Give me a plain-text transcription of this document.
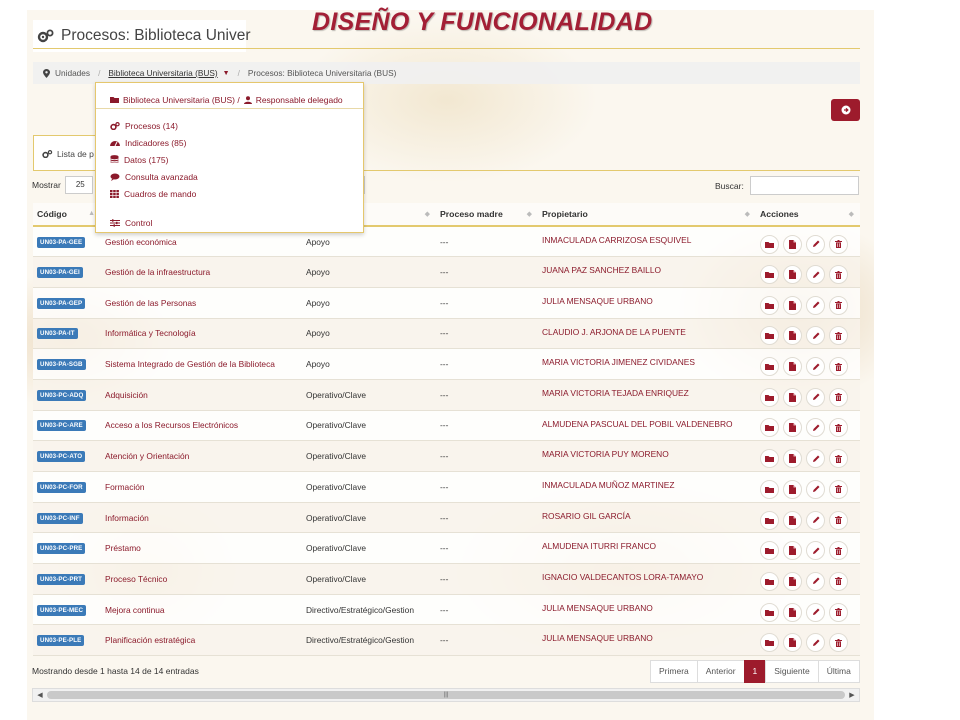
DISEÑO Y FUNCIONALIDAD
Procesos: Biblioteca Univer
Unidades / Biblioteca Universitaria (BUS) ▼ / Procesos: Biblioteca Universitaria (BUS)
Biblioteca Universitaria (BUS) / Responsable delegado
Procesos (14)
Indicadores (85)
Datos (175)
Consulta avanzada
Cuadros de mando
Control
Lista de p
Mostrar	25	Buscar:
Código ▲		◆	Proceso madre ◆	Propietario ◆	Acciones ◆

UN03-PA-GEE	Gestión económica	Apoyo	---	INMACULADA CARRIZOSA ESQUIVEL	

UN03-PA-GEI	Gestión de la infraestructura	Apoyo	---	JUANA PAZ SANCHEZ BAILLO	

UN03-PA-GEP	Gestión de las Personas	Apoyo	---	JULIA MENSAQUE URBANO	

UN03-PA-IT	Informática y Tecnología	Apoyo	---	CLAUDIO J. ARJONA DE LA PUENTE	

UN03-PA-SGB	Sistema Integrado de Gestión de la Biblioteca	Apoyo	---	MARIA VICTORIA JIMENEZ CIVIDANES	

UN03-PC-ADQ	Adquisición	Operativo/Clave	---	MARIA VICTORIA TEJADA ENRIQUEZ	

UN03-PC-ARE	Acceso a los Recursos Electrónicos	Operativo/Clave	---	ALMUDENA PASCUAL DEL POBIL VALDENEBRO	

UN03-PC-ATO	Atención y Orientación	Operativo/Clave	---	MARIA VICTORIA PUY MORENO	

UN03-PC-FOR	Formación	Operativo/Clave	---	INMACULADA MUÑOZ MARTINEZ	

UN03-PC-INF	Información	Operativo/Clave	---	ROSARIO GIL GARCÍA	

UN03-PC-PRE	Préstamo	Operativo/Clave	---	ALMUDENA ITURRI FRANCO	

UN03-PC-PRT	Proceso Técnico	Operativo/Clave	---	IGNACIO VALDECANTOS LORA-TAMAYO	

UN03-PE-MEC	Mejora continua	Directivo/Estratégico/Gestion	---	JULIA MENSAQUE URBANO	

UN03-PE-PLE	Planificación estratégica	Directivo/Estratégico/Gestion	---	JULIA MENSAQUE URBANO	
Mostrando desde 1 hasta 14 de 14 entradas	Primera	Anterior	1	Siguiente	Última
◀	|||	▶
